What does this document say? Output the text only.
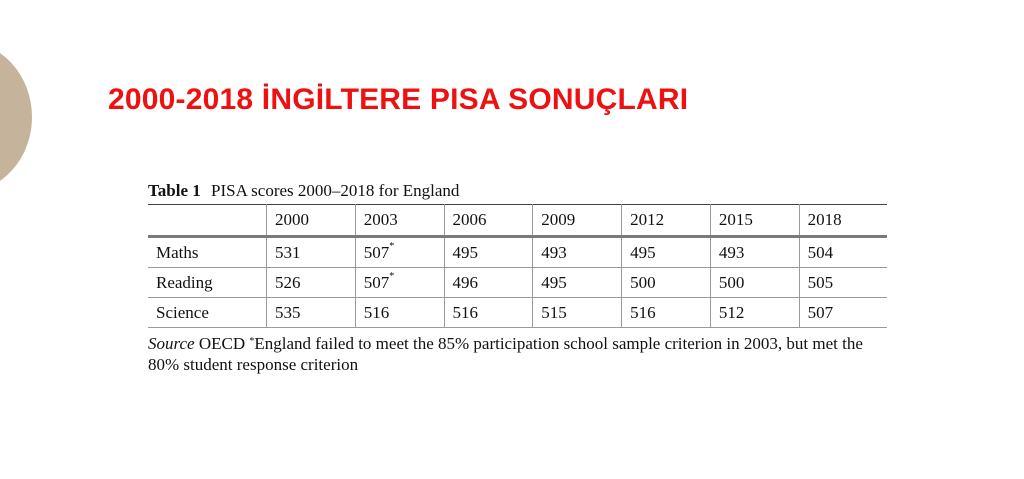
2000-2018 İNGİLTERE PISA SONUÇLARI
Table 1 PISA scores 2000–2018 for England
	2000	2003	2006	2009	2012	2015	2018
Maths	531	507*	495	493	495	493	504
Reading	526	507*	496	495	500	500	505
Science	535	516	516	515	516	512	507
Source OECD *England failed to meet the 85% participation school sample criterion in 2003, but met the 80% student response criterion
